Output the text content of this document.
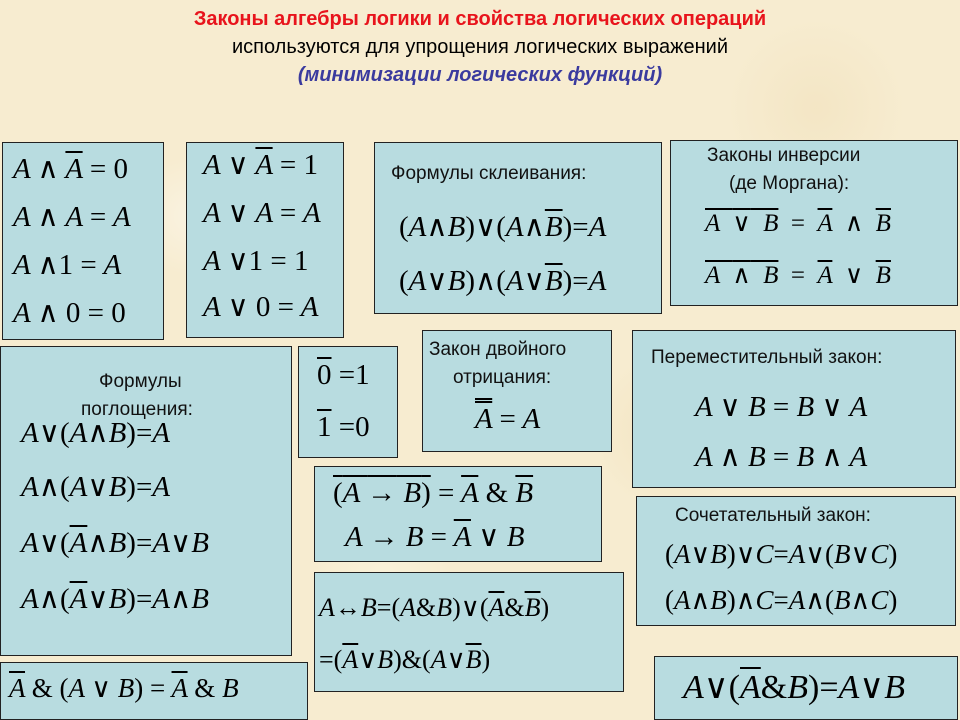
Законы алгебры логики и свойства логических операций
используются для упрощения логических выражений
(минимизации логических функций)
A ∧ $\overline{A} = 0$
A ∧ A = A
A ∧1 = A
A ∧ 0 = 0
A ∨ $\overline{A} = 1$
A ∨ A = A
A ∨1 = 1
A ∨ 0 = A
Формулы склеивания:
$(A\wedge B)\vee(A\wedge\overline{B})=A$
$(A\vee B)\wedge(A\vee\overline{B})=A$
Законы инверсии
(де Моргана):
A  ∨  $B = \overline{A}$  ∧  $\overline{B}$
A  ∧  $B = \overline{A}$  ∨  $\overline{B}$
Формулы
поглощения:
A∨(A∧B)=A
A∧(A∨B)=A
$A\vee(\overline{A}\wedge B)=A\vee B$
$A\wedge(\overline{A}\vee B)=A\wedge B$
0 =1
1 =0
Закон двойного
отрицания:
A = A
Переместительный закон:
A ∨ B = B ∨ A
A ∧ B = B ∧ A
$(A \to B) = \overline{A}$ & $\overline{B}$
$A \to B = \overline{A}$ ∨ B
Сочетательный закон:
(A∨B)∨C=A∨(B∨C)
(A∧B)∧C=A∧(B∧C)
$A\leftrightarrow B=(A\&B)\vee(\overline{A}\&\overline{B})$
$=(\overline{A}\vee B)\&(A\vee\overline{B})$
$\overline{A}$ & (A ∨ $B) = \overline{A}$ & B	$A\vee(\overline{A}\&B)=A\vee B$
